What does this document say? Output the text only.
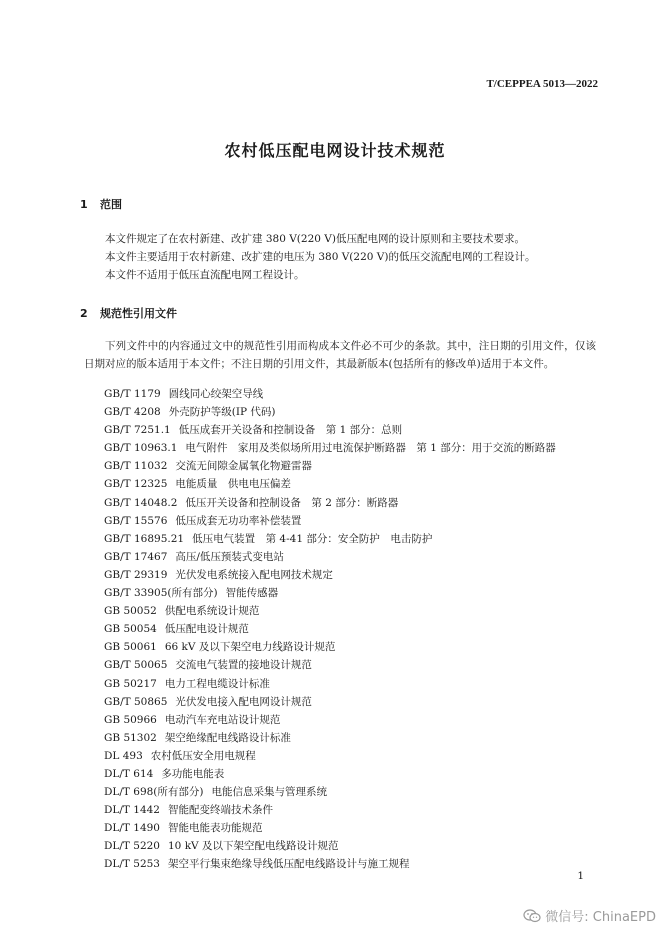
T/CEPPEA 5013—2022
农村低压配电网设计技术规范
1 范围
本文件规定了在农村新建、改扩建 380 V(220 V)低压配电网的设计原则和主要技术要求。
本文件主要适用于农村新建、改扩建的电压为 380 V(220 V)的低压交流配电网的工程设计。
本文件不适用于低压直流配电网工程设计。
2 规范性引用文件
下列文件中的内容通过文中的规范性引用而构成本文件必不可少的条款。其中，注日期的引用文件，仅该日期对应的版本适用于本文件；不注日期的引用文件，其最新版本(包括所有的修改单)适用于本文件。
GB/T 1179 圆线同心绞架空导线
GB/T 4208 外壳防护等级(IP 代码)
GB/T 7251.1 低压成套开关设备和控制设备　第 1 部分：总则
GB/T 10963.1 电气附件　家用及类似场所用过电流保护断路器　第 1 部分：用于交流的断路器
GB/T 11032 交流无间隙金属氧化物避雷器
GB/T 12325 电能质量　供电电压偏差
GB/T 14048.2 低压开关设备和控制设备　第 2 部分：断路器
GB/T 15576 低压成套无功功率补偿装置
GB/T 16895.21 低压电气装置　第 4-41 部分：安全防护　电击防护
GB/T 17467 高压/低压预装式变电站
GB/T 29319 光伏发电系统接入配电网技术规定
GB/T 33905(所有部分) 智能传感器
GB 50052 供配电系统设计规范
GB 50054 低压配电设计规范
GB 50061 66 kV 及以下架空电力线路设计规范
GB/T 50065 交流电气装置的接地设计规范
GB 50217 电力工程电缆设计标准
GB/T 50865 光伏发电接入配电网设计规范
GB 50966 电动汽车充电站设计规范
GB 51302 架空绝缘配电线路设计标准
DL 493 农村低压安全用电规程
DL/T 614 多功能电能表
DL/T 698(所有部分) 电能信息采集与管理系统
DL/T 1442 智能配变终端技术条件
DL/T 1490 智能电能表功能规范
DL/T 5220 10 kV 及以下架空配电线路设计规范
DL/T 5253 架空平行集束绝缘导线低压配电线路设计与施工规程
1
微信号: ChinaEPD
